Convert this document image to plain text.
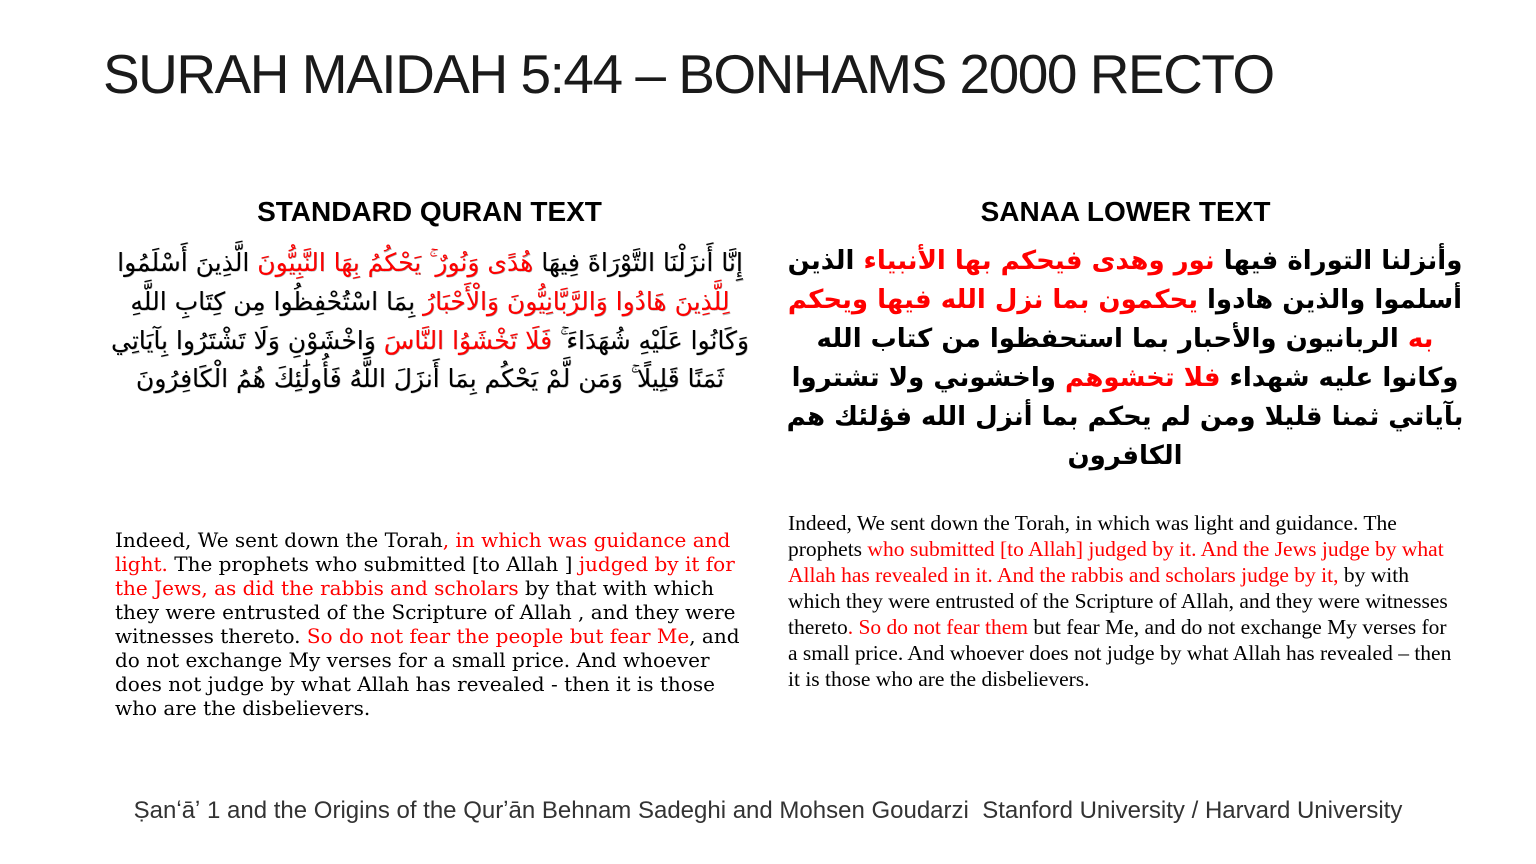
SURAH MAIDAH 5:44 – BONHAMS 2000 RECTO
STANDARD QURAN TEXT	SANAA LOWER TEXT
إِنَّا أَنزَلْنَا التَّوْرَاةَ فِيهَا هُدًى وَنُورٌ ۚ يَحْكُمُ بِهَا النَّبِيُّونَ الَّذِينَ أَسْلَمُوا لِلَّذِينَ هَادُوا وَالرَّبَّانِيُّونَ وَالْأَحْبَارُ بِمَا اسْتُحْفِظُوا مِن كِتَابِ اللَّهِ وَكَانُوا عَلَيْهِ شُهَدَاءَ ۚ فَلَا تَخْشَوُا النَّاسَ وَاخْشَوْنِ وَلَا تَشْتَرُوا بِآيَاتِي ثَمَنًا قَلِيلًا ۚ وَمَن لَّمْ يَحْكُم بِمَا أَنزَلَ اللَّهُ فَأُولَٰئِكَ هُمُ الْكَافِرُونَ
وأنزلنا التوراة فيها نور وهدى فيحكم بها الأنبياء الذين أسلموا والذين هادوا يحكمون بما نزل الله فيها ويحكم به الربانيون والأحبار بما استحفظوا من كتاب الله وكانوا عليه شهداء فلا تخشوهم واخشوني ولا تشتروا بآياتي ثمنا قليلا ومن لم يحكم بما أنزل الله فؤلئك هم الكافرون
Indeed, We sent down the Torah, in which was guidance and light. The prophets who submitted [to Allah ] judged by it for the Jews, as did the rabbis and scholars by that with which they were entrusted of the Scripture of Allah , and they were witnesses thereto. So do not fear the people but fear Me, and do not exchange My verses for a small price. And whoever does not judge by what Allah has revealed - then it is those who are the disbelievers.
Indeed, We sent down the Torah, in which was light and guidance. The prophets who submitted [to Allah] judged by it. And the Jews judge by what Allah has revealed in it. And the rabbis and scholars judge by it, by with which they were entrusted of the Scripture of Allah, and they were witnesses thereto. So do not fear them but fear Me, and do not exchange My verses for a small price. And whoever does not judge by what Allah has revealed – then it is those who are the disbelievers.
Ṣanʻāʼ 1 and the Origins of the Qurʼān Behnam Sadeghi and Mohsen Goudarzi  Stanford University / Harvard University
